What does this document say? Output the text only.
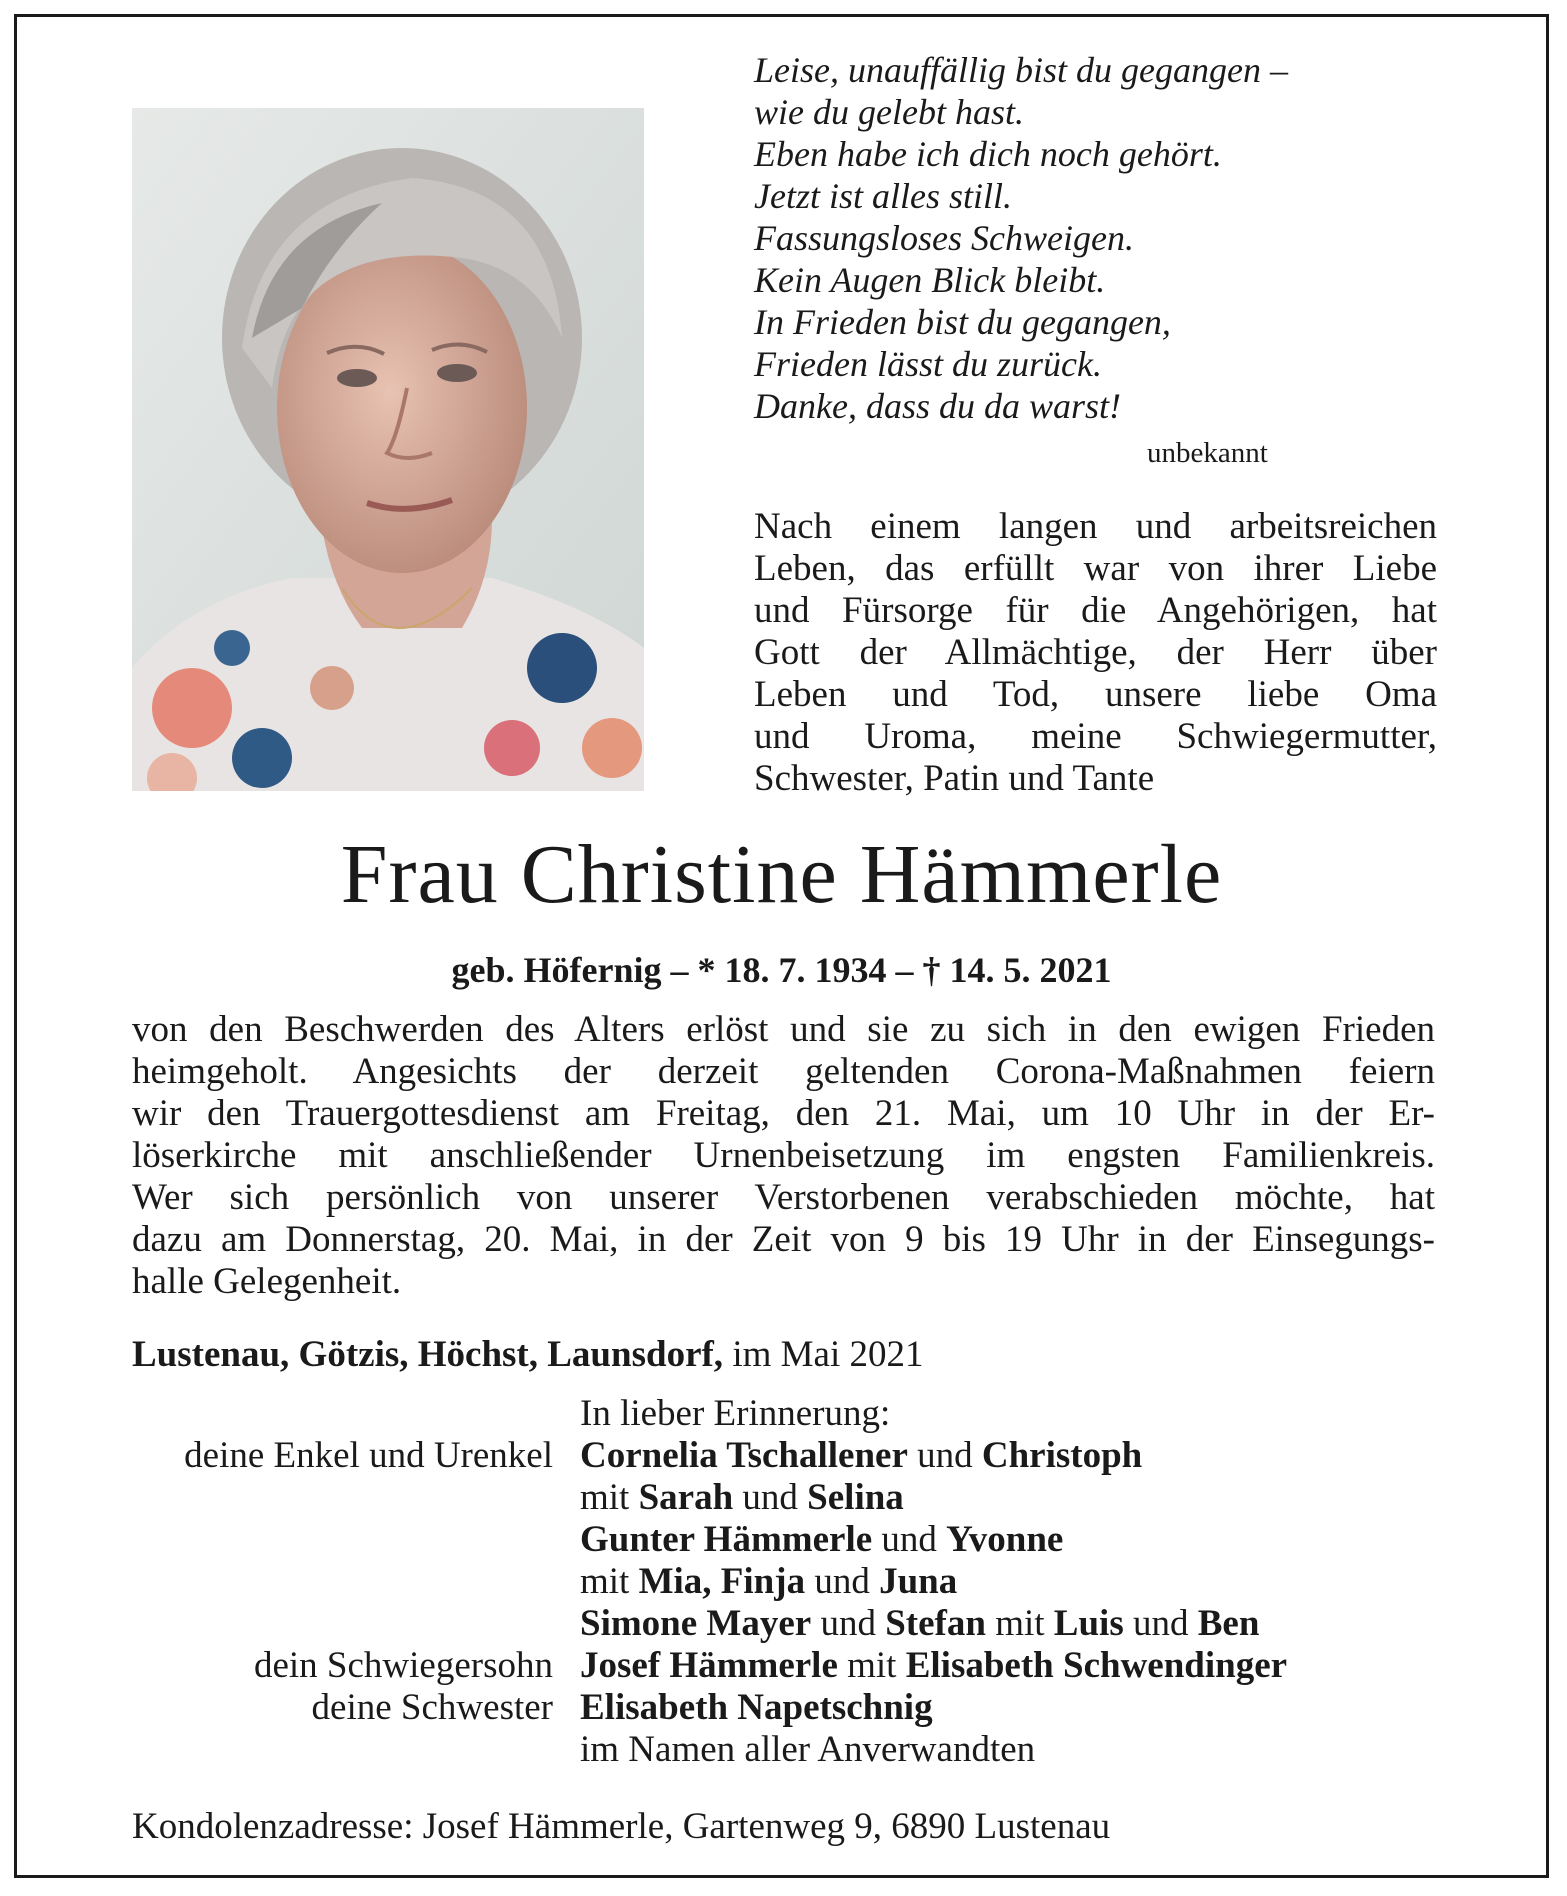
Leise, unauffällig bist du gegangen –
wie du gelebt hast.
Eben habe ich dich noch gehört.
Jetzt ist alles still.
Fassungsloses Schweigen.
Kein Augen Blick bleibt.
In Frieden bist du gegangen,
Frieden lässt du zurück.
Danke, dass du da warst!
unbekannt
Nach einem langen und arbeitsreichen
Leben, das erfüllt war von ihrer Liebe
und Fürsorge für die Angehörigen, hat
Gott der Allmächtige, der Herr über
Leben und Tod, unsere liebe Oma
und Uroma, meine Schwiegermutter,
Schwester, Patin und Tante
Frau Christine Hämmerle
geb. Höfernig – * 18. 7. 1934 – † 14. 5. 2021
von den Beschwerden des Alters erlöst und sie zu sich in den ewigen Frieden
heimgeholt. Angesichts der derzeit geltenden Corona-Maßnahmen feiern
wir den Trauergottesdienst am Freitag, den 21. Mai, um 10 Uhr in der Er-
löserkirche mit anschließender Urnenbeisetzung im engsten Familienkreis.
Wer sich persönlich von unserer Verstorbenen verabschieden möchte, hat
dazu am Donnerstag, 20. Mai, in der Zeit von 9 bis 19 Uhr in der Einsegungs-
halle Gelegenheit.
Lustenau, Götzis, Höchst, Launsdorf, im Mai 2021
In lieber Erinnerung:
deine Enkel und Urenkel Cornelia Tschallener und Christoph
mit Sarah und Selina
Gunter Hämmerle und Yvonne
mit Mia, Finja und Juna
Simone Mayer und Stefan mit Luis und Ben
dein Schwiegersohn Josef Hämmerle mit Elisabeth Schwendinger
deine Schwester Elisabeth Napetschnig
im Namen aller Anverwandten
Kondolenzadresse: Josef Hämmerle, Gartenweg 9, 6890 Lustenau
